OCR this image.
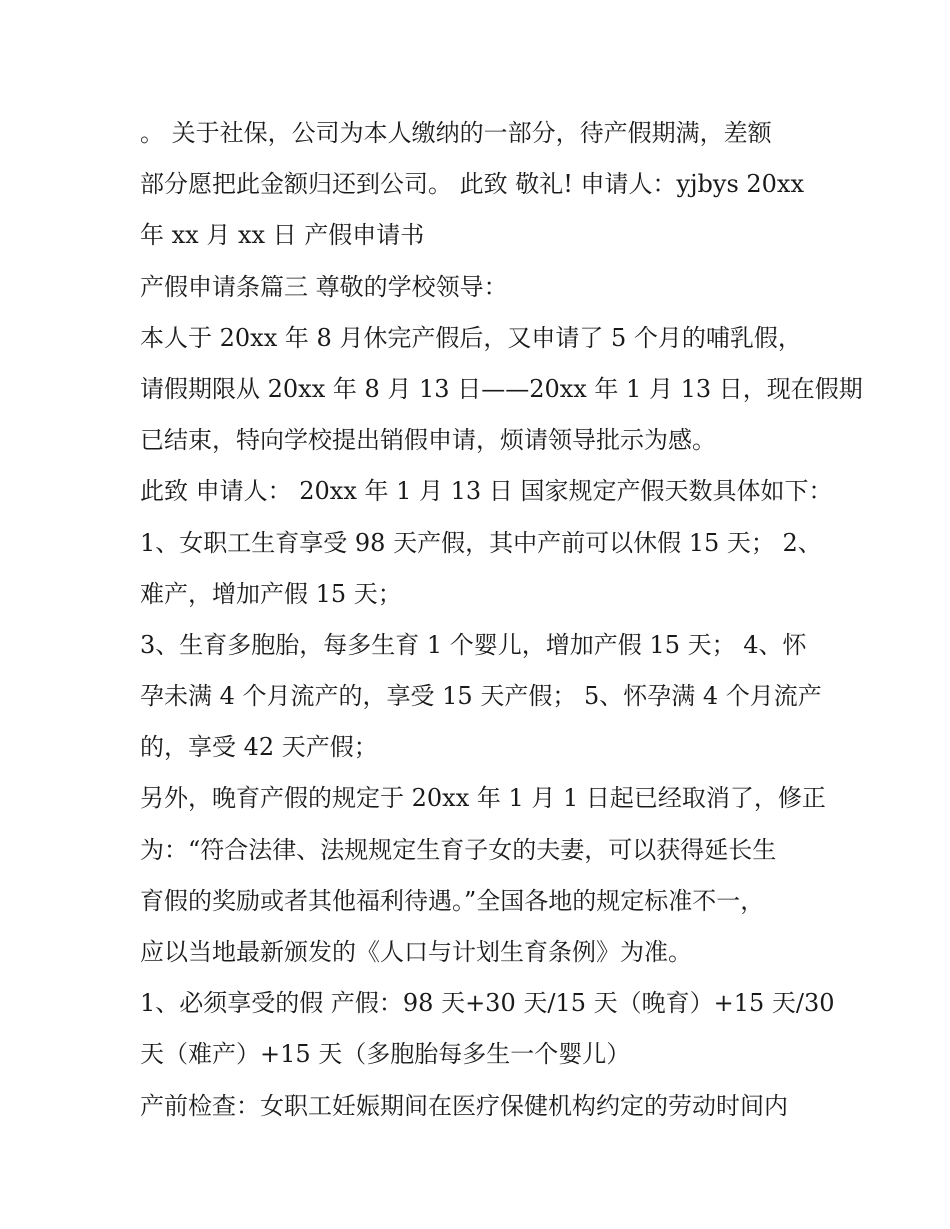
。 关于社保，公司为本人缴纳的一部分，待产假期满，差额
部分愿把此金额归还到公司。 此致 敬礼! 申请人：yjbys 20xx
年 xx 月 xx 日 产假申请书
产假申请条篇三 尊敬的学校领导：
本人于 20xx 年 8 月休完产假后，又申请了 5 个月的哺乳假，
请假期限从 20xx 年 8 月 13 日——20xx 年 1 月 13 日，现在假期
已结束，特向学校提出销假申请，烦请领导批示为感。
此致 申请人： 20xx 年 1 月 13 日 国家规定产假天数具体如下：
1、女职工生育享受 98 天产假，其中产前可以休假 15 天； 2、
难产，增加产假 15 天；
3、生育多胞胎，每多生育 1 个婴儿，增加产假 15 天； 4、怀
孕未满 4 个月流产的，享受 15 天产假； 5、怀孕满 4 个月流产
的，享受 42 天产假；
另外，晚育产假的规定于 20xx 年 1 月 1 日起已经取消了，修正
为：“符合法律、法规规定生育子女的夫妻，可以获得延长生
育假的奖励或者其他福利待遇。”全国各地的规定标准不一，
应以当地最新颁发的《人口与计划生育条例》为准。
1、必须享受的假 产假：98 天+30 天/15 天（晚育）+15 天/30
天（难产）+15 天（多胞胎每多生一个婴儿）
产前检查：女职工妊娠期间在医疗保健机构约定的劳动时间内
